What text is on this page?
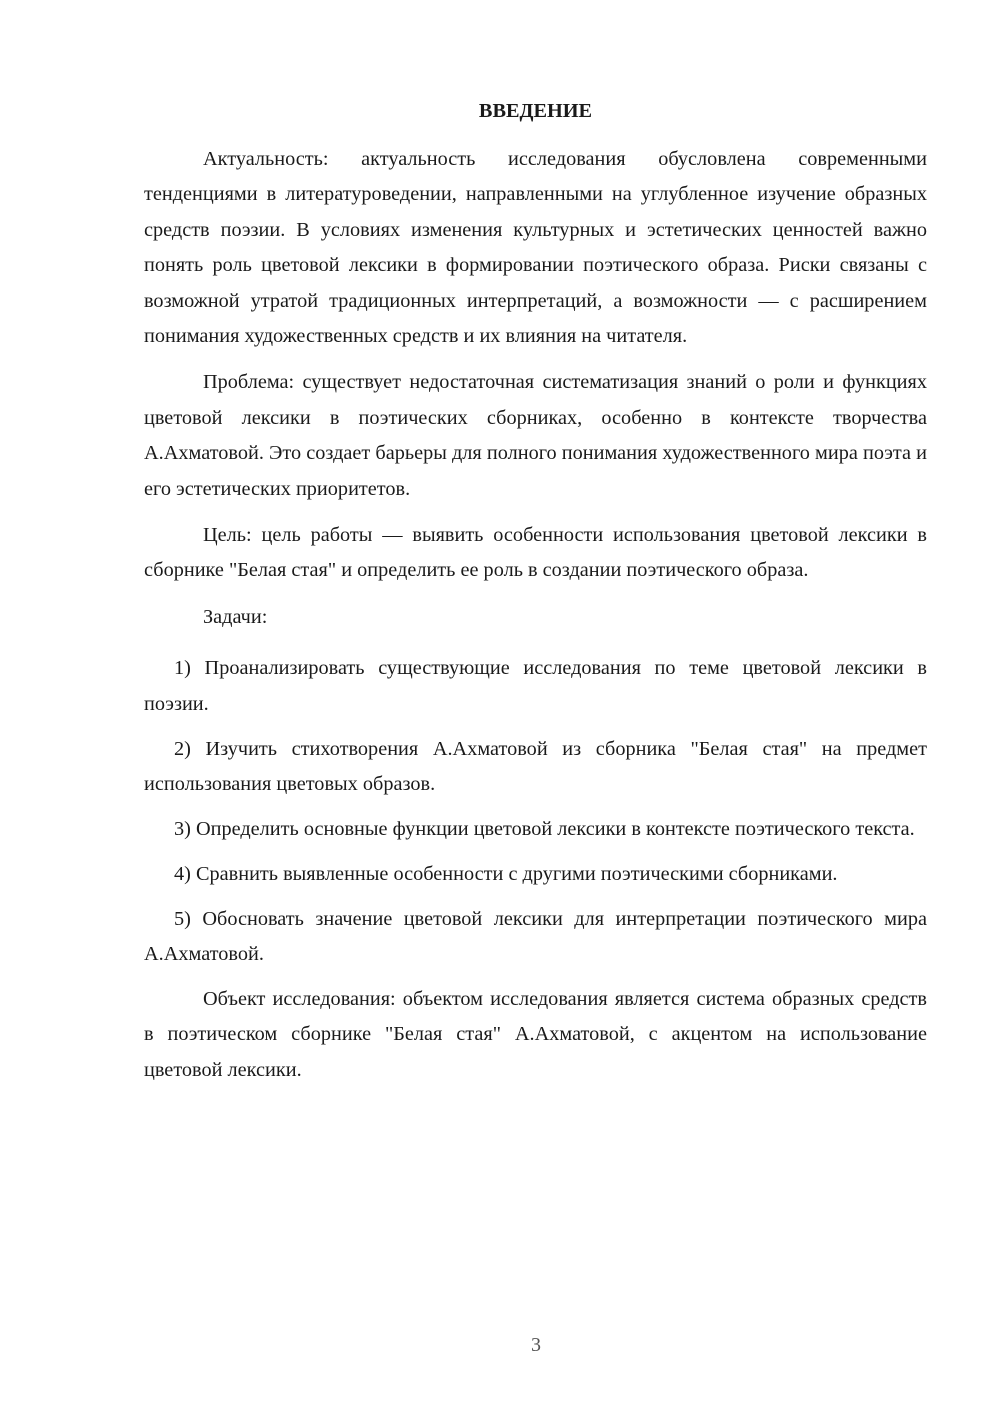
ВВЕДЕНИЕ

Актуальность: актуальность исследования обусловлена современными тенденциями в литературоведении, направленными на углубленное изучение образных средств поэзии. В условиях изменения культурных и эстетических ценностей важно понять роль цветовой лексики в формировании поэтического образа. Риски связаны с возможной утратой традиционных интерпретаций, а возможности — с расширением понимания художественных средств и их влияния на читателя.

Проблема: существует недостаточная систематизация знаний о роли и функциях цветовой лексики в поэтических сборниках, особенно в контексте творчества А.Ахматовой. Это создает барьеры для полного понимания художественного мира поэта и его эстетических приоритетов.

Цель: цель работы — выявить особенности использования цветовой лексики в сборнике "Белая стая" и определить ее роль в создании поэтического образа.

Задачи:

1) Проанализировать существующие исследования по теме цветовой лексики в поэзии.

2) Изучить стихотворения А.Ахматовой из сборника "Белая стая" на предмет использования цветовых образов.

3) Определить основные функции цветовой лексики в контексте поэтического текста.

4) Сравнить выявленные особенности с другими поэтическими сборниками.

5) Обосновать значение цветовой лексики для интерпретации поэтического мира А.Ахматовой.

Объект исследования: объектом исследования является система образных средств в поэтическом сборнике "Белая стая" А.Ахматовой, с акцентом на использование цветовой лексики.

3
